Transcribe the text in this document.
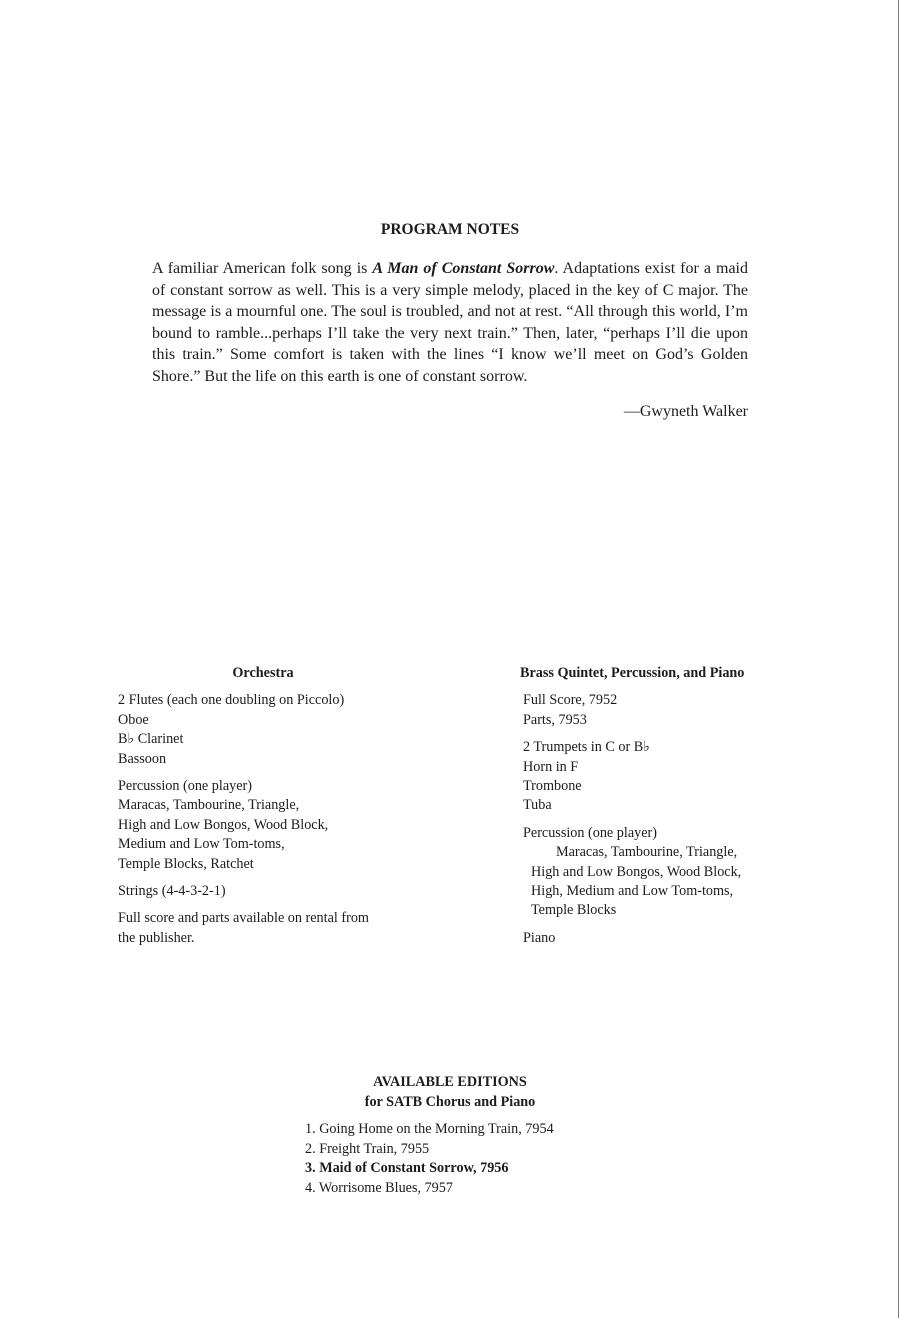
PROGRAM NOTES

A familiar American folk song is A Man of Constant Sorrow. Adaptations exist for a maid of constant sorrow as well. This is a very simple melody, placed in the key of C major. The message is a mournful one. The soul is troubled, and not at rest. “All through this world, I’m bound to ramble...perhaps I’ll take the very next train.” Then, later, “perhaps I’ll die upon this train.” Some comfort is taken with the lines “I know we’ll meet on God’s Golden Shore.” But the life on this earth is one of constant sorrow.

—Gwyneth Walker
Orchestra
2 Flutes (each one doubling on Piccolo)
Oboe
B♭ Clarinet
Bassoon
Percussion (one player)
Maracas, Tambourine, Triangle,
High and Low Bongos, Wood Block,
Medium and Low Tom-toms,
Temple Blocks, Ratchet
Strings (4-4-3-2-1)
Full score and parts available on rental from
the publisher.
Brass Quintet, Percussion, and Piano
Full Score, 7952
Parts, 7953
2 Trumpets in C or B♭
Horn in F
Trombone
Tuba
Percussion (one player)
Maracas, Tambourine, Triangle,
High and Low Bongos, Wood Block,
High, Medium and Low Tom-toms,
Temple Blocks
Piano
AVAILABLE EDITIONS
for SATB Chorus and Piano
1. Going Home on the Morning Train, 7954
2. Freight Train, 7955
3. Maid of Constant Sorrow, 7956
4. Worrisome Blues, 7957
